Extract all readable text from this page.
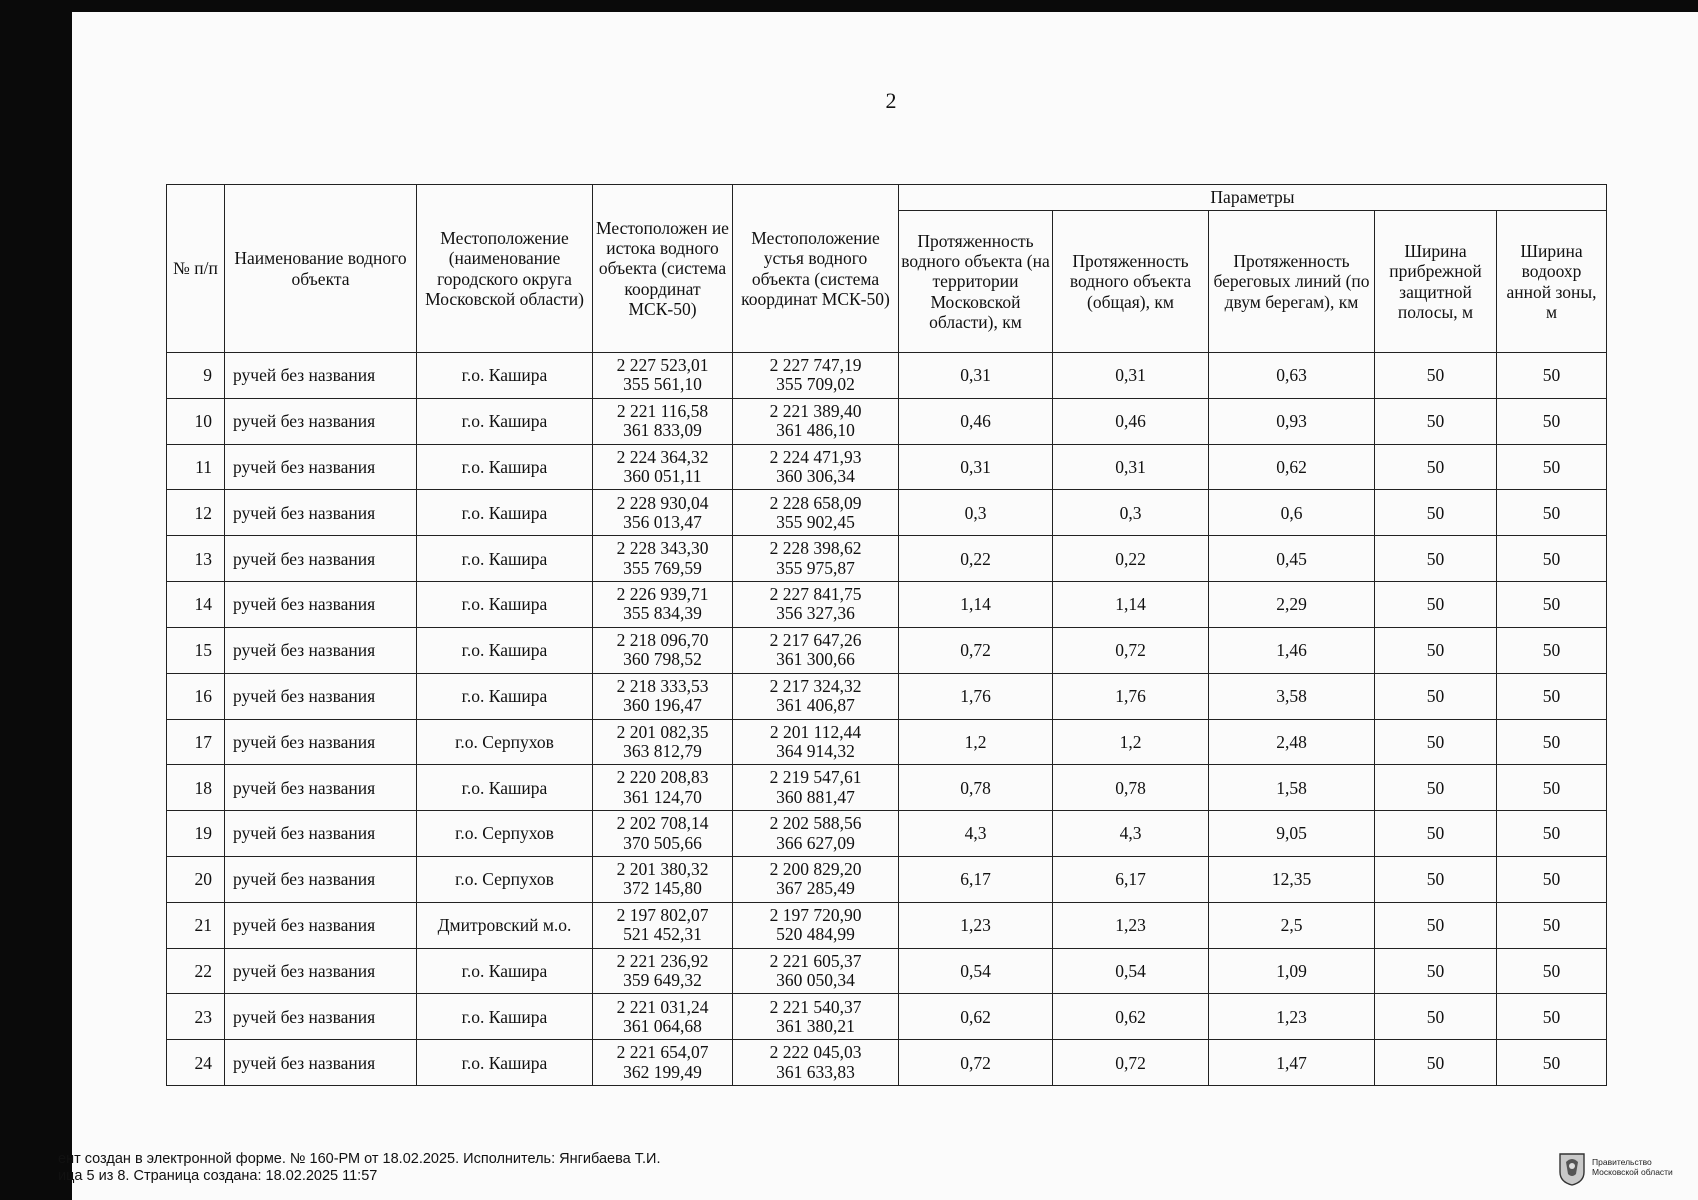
2
№ п/п	Наименование водного объекта	Местоположение (наименование городского округа Московской области)	Местоположен ие истока водного объекта (система координат МСК-50)	Местоположение устья водного объекта (система координат МСК-50)	Параметры				
					Протяженность водного объекта (на территории Московской области), км	Протяженность водного объекта (общая), км	Протяженность береговых линий (по двум берегам), км	Ширина прибрежной защитной полосы, м	Ширина водоохр анной зоны, м
9	ручей без названия	г.о. Кашира	2 227 523,01
355 561,10	2 227 747,19
355 709,02	0,31	0,31	0,63	50	50
10	ручей без названия	г.о. Кашира	2 221 116,58
361 833,09	2 221 389,40
361 486,10	0,46	0,46	0,93	50	50
11	ручей без названия	г.о. Кашира	2 224 364,32
360 051,11	2 224 471,93
360 306,34	0,31	0,31	0,62	50	50
12	ручей без названия	г.о. Кашира	2 228 930,04
356 013,47	2 228 658,09
355 902,45	0,3	0,3	0,6	50	50
13	ручей без названия	г.о. Кашира	2 228 343,30
355 769,59	2 228 398,62
355 975,87	0,22	0,22	0,45	50	50
14	ручей без названия	г.о. Кашира	2 226 939,71
355 834,39	2 227 841,75
356 327,36	1,14	1,14	2,29	50	50
15	ручей без названия	г.о. Кашира	2 218 096,70
360 798,52	2 217 647,26
361 300,66	0,72	0,72	1,46	50	50
16	ручей без названия	г.о. Кашира	2 218 333,53
360 196,47	2 217 324,32
361 406,87	1,76	1,76	3,58	50	50
17	ручей без названия	г.о. Серпухов	2 201 082,35
363 812,79	2 201 112,44
364 914,32	1,2	1,2	2,48	50	50
18	ручей без названия	г.о. Кашира	2 220 208,83
361 124,70	2 219 547,61
360 881,47	0,78	0,78	1,58	50	50
19	ручей без названия	г.о. Серпухов	2 202 708,14
370 505,66	2 202 588,56
366 627,09	4,3	4,3	9,05	50	50
20	ручей без названия	г.о. Серпухов	2 201 380,32
372 145,80	2 200 829,20
367 285,49	6,17	6,17	12,35	50	50
21	ручей без названия	Дмитровский м.о.	2 197 802,07
521 452,31	2 197 720,90
520 484,99	1,23	1,23	2,5	50	50
22	ручей без названия	г.о. Кашира	2 221 236,92
359 649,32	2 221 605,37
360 050,34	0,54	0,54	1,09	50	50
23	ручей без названия	г.о. Кашира	2 221 031,24
361 064,68	2 221 540,37
361 380,21	0,62	0,62	1,23	50	50
24	ручей без названия	г.о. Кашира	2 221 654,07
362 199,49	2 222 045,03
361 633,83	0,72	0,72	1,47	50	50
ент создан в электронной форме. № 160-РМ от 18.02.2025. Исполнитель: Янгибаева Т.И.
ица 5 из 8. Страница создана: 18.02.2025 11:57
Правительство
Московской области
